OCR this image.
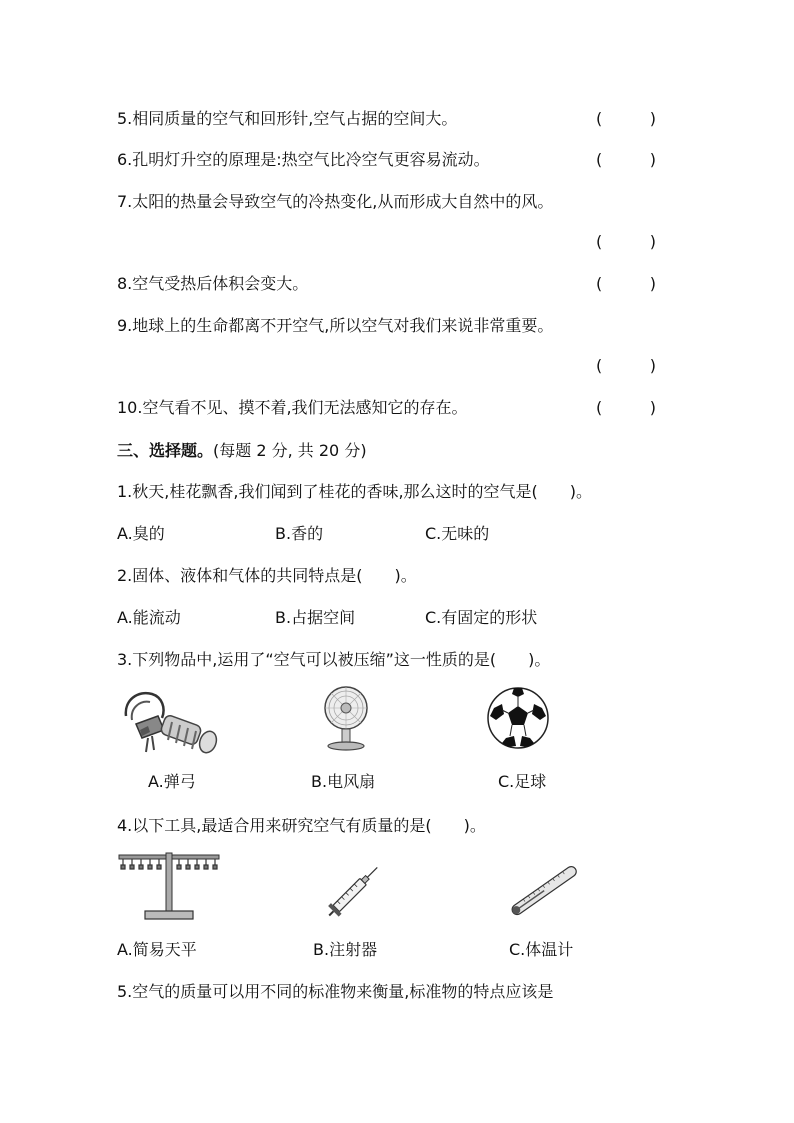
5.相同质量的空气和回形针,空气占据的空间大。	(	)
6.孔明灯升空的原理是:热空气比冷空气更容易流动。	(	)
7.太阳的热量会导致空气的冷热变化,从而形成大自然中的风。
(	)
8.空气受热后体积会变大。	(	)
9.地球上的生命都离不开空气,所以空气对我们来说非常重要。
(	)
10.空气看不见、摸不着,我们无法感知它的存在。	(	)
三、选择题。(每题 2 分, 共 20 分)
1.秋天,桂花飘香,我们闻到了桂花的香味,那么这时的空气是(　　)。
A.臭的	B.香的	C.无味的
2.固体、液体和气体的共同特点是(　　)。
A.能流动	B.占据空间	C.有固定的形状
3.下列物品中,运用了“空气可以被压缩”这一性质的是(　　)。
A.弹弓	B.电风扇	C.足球
4.以下工具,最适合用来研究空气有质量的是(　　)。
A.简易天平	B.注射器	C.体温计
5.空气的质量可以用不同的标准物来衡量,标准物的特点应该是
